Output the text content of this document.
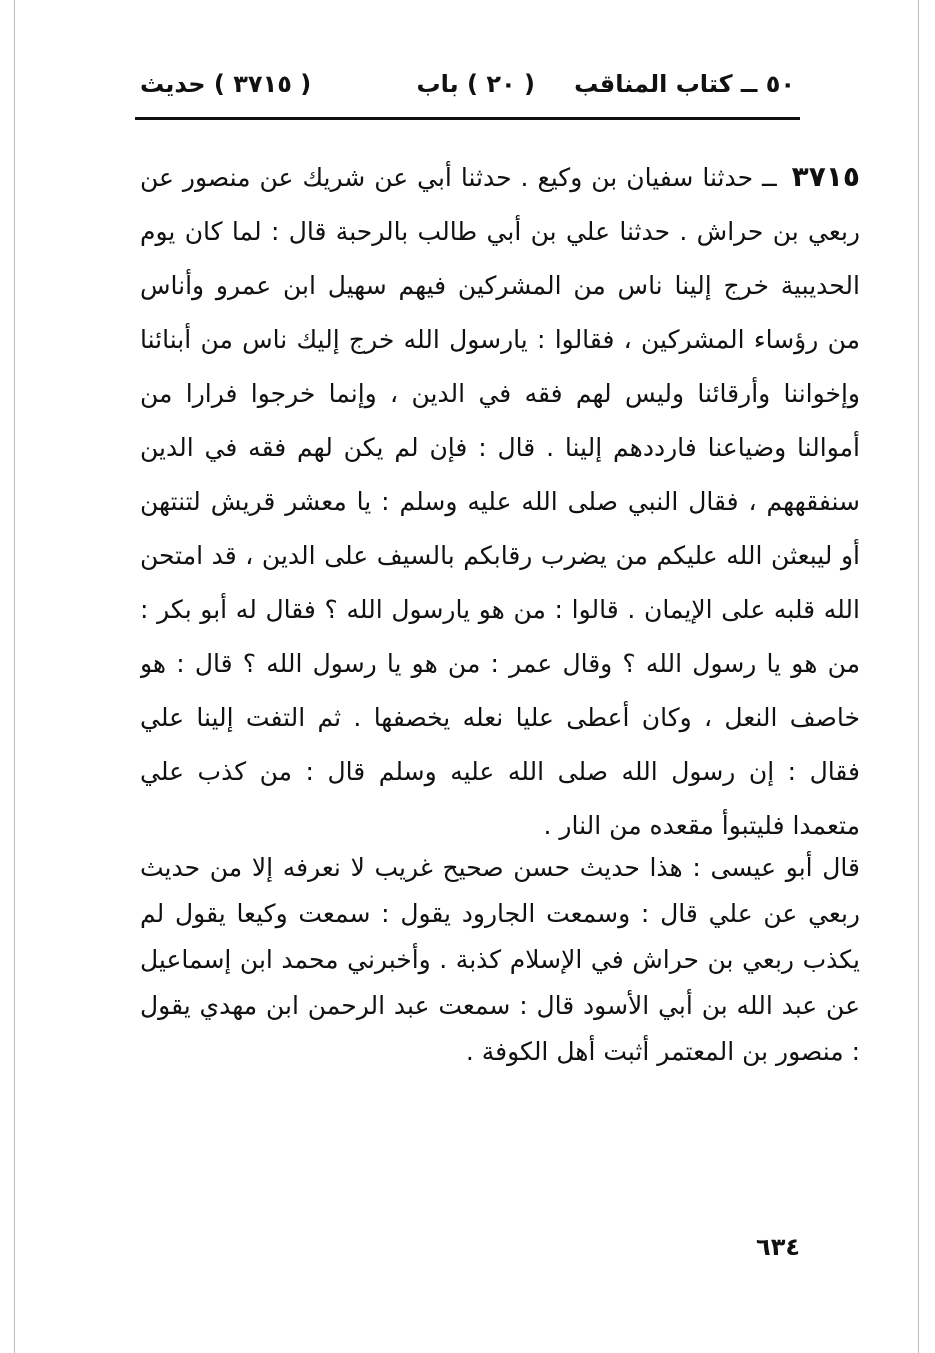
٥٠ ــ كتاب المناقب
( ٢٠ ) باب
( ٣٧١٥ ) حديث
٣٧١٥ ــ حدثنا سفيان بن وكيع . حدثنا أبي عن شريك عن منصور عن ربعي بن حراش . حدثنا علي بن أبي طالب بالرحبة قال : لما كان يوم الحديبية خرج إلينا ناس من المشركين فيهم سهيل ابن عمرو وأناس من رؤساء المشركين ، فقالوا : يارسول الله خرج إليك ناس من أبنائنا وإخواننا وأرقائنا وليس لهم فقه في الدين ، وإنما خرجوا فرارا من أموالنا وضياعنا فارددهم إلينا . قال : فإن لم يكن لهم فقه في الدين سنفقههم ، فقال النبي صلى الله عليه وسلم : يا معشر قريش لتنتهن أو ليبعثن الله عليكم من يضرب رقابكم بالسيف على الدين ، قد امتحن الله قلبه على الإيمان . قالوا : من هو يارسول الله ؟ فقال له أبو بكر : من هو يا رسول الله ؟ وقال عمر : من هو يا رسول الله ؟ قال : هو خاصف النعل ، وكان أعطى عليا نعله يخصفها . ثم التفت إلينا علي فقال : إن رسول الله صلى الله عليه وسلم قال : من كذب علي متعمدا فليتبوأ مقعده من النار .
قال أبو عيسى : هذا حديث حسن صحيح غريب لا نعرفه إلا من حديث ربعي عن علي قال : وسمعت الجارود يقول : سمعت وكيعا يقول لم يكذب ربعي بن حراش في الإسلام كذبة . وأخبرني محمد ابن إسماعيل عن عبد الله بن أبي الأسود قال : سمعت عبد الرحمن ابن مهدي يقول : منصور بن المعتمر أثبت أهل الكوفة .
٦٣٤
